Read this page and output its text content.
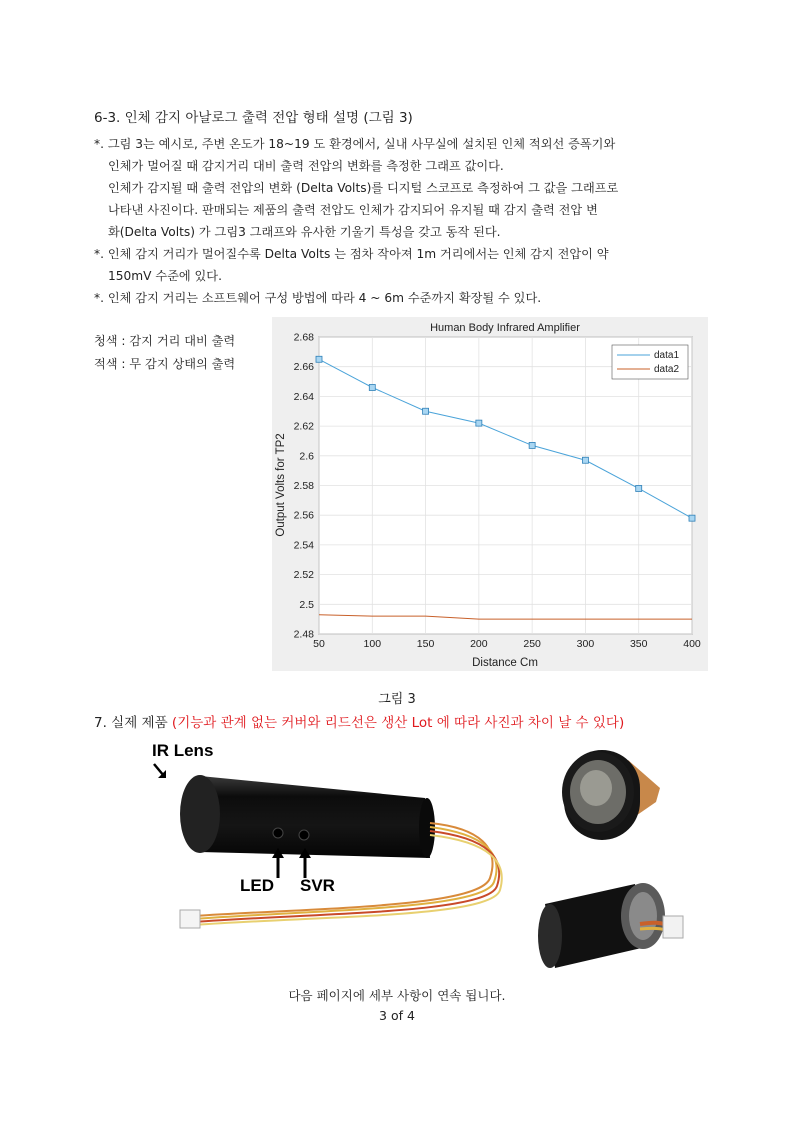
6-3. 인체 감지 아날로그 출력 전압 형태 설명 (그림 3)
*. 그림 3는 예시로, 주변 온도가 18~19 도 환경에서, 실내 사무실에 설치된 인체 적외선 증폭기와
인체가 멀어질 때 감지거리 대비 출력 전압의 변화를 측정한 그래프 값이다.
인체가 감지될 때 출력 전압의 변화 (Delta Volts)를 디지털 스코프로 측정하여 그 값을 그래프로
나타낸 사진이다. 판매되는 제품의 출력 전압도 인체가 감지되어 유지될 때 감지 출력 전압 변
화(Delta Volts) 가 그림3 그래프와 유사한 기울기 특성을 갖고 동작 된다.
*. 인체 감지 거리가 멀어질수록 Delta Volts 는 점차 작아져 1m 거리에서는 인체 감지 전압이 약
150mV 수준에 있다.
*. 인체 감지 거리는 소프트웨어 구성 방법에 따라 4 ~ 6m 수준까지 확장될 수 있다.
청색 : 감지 거리 대비 출력
적색 : 무 감지 상태의 출력
50	100	150	200	250	300	350	400
2.48
2.5
2.52
2.54
2.56
2.58
2.6
2.62
2.64
2.66
2.68
Human Body Infrared Amplifier
Distance Cm
Output Volts for TP2
data1
data2
그림 3
7. 실제 제품 (기능과 관계 없는 커버와 리드선은 생산 Lot 에 따라 사진과 차이 날 수 있다)
IR Lens
LED SVR
다음 페이지에 세부 사항이 연속 됩니다.
3 of 4
